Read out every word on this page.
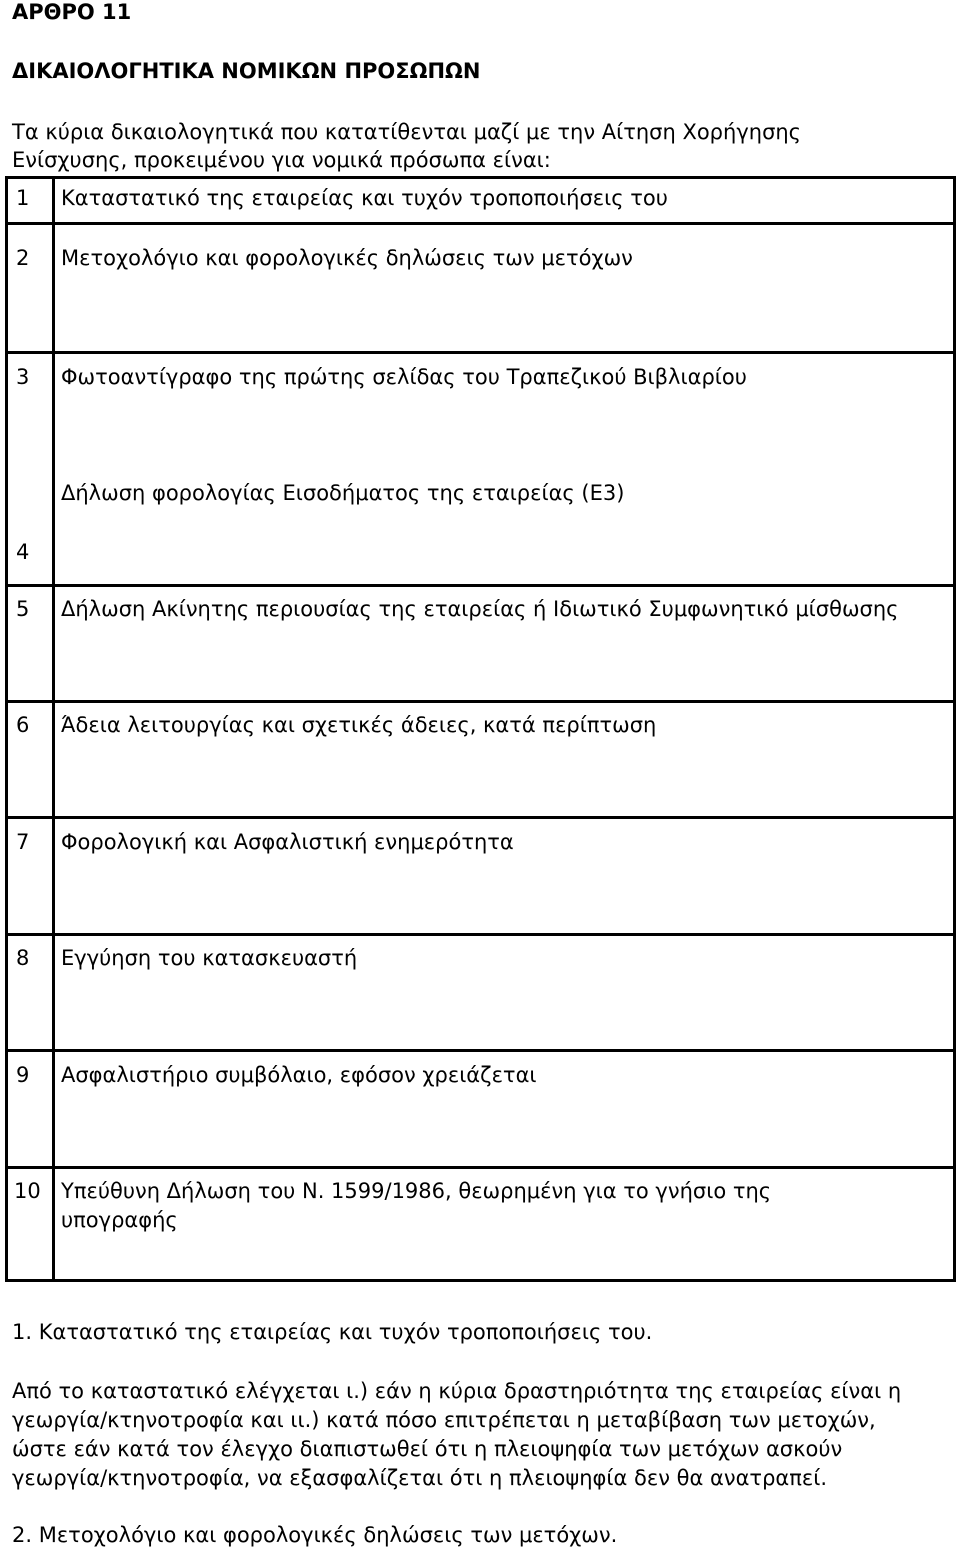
ΑΡΘΡΟ 11
ΔΙΚΑΙΟΛΟΓΗΤΙΚΑ ΝΟΜΙΚΩΝ ΠΡΟΣΩΠΩΝ
Τα κύρια δικαιολογητικά που κατατίθενται μαζί με την Αίτηση Χορήγησης
Ενίσχυσης, προκειμένου για νομικά πρόσωπα είναι:
1 Καταστατικό της εταιρείας και τυχόν τροποποιήσεις του
2 Μετοχολόγιο και φορολογικές δηλώσεις των μετόχων
3 Φωτοαντίγραφο της πρώτης σελίδας του Τραπεζικού Βιβλιαρίου
4
Δήλωση φορολογίας Εισοδήματος της εταιρείας (Ε3)
5 Δήλωση Ακίνητης περιουσίας της εταιρείας ή Ιδιωτικό Συμφωνητικό μίσθωσης
6 Άδεια λειτουργίας και σχετικές άδειες, κατά περίπτωση
7 Φορολογική και Ασφαλιστική ενημερότητα
8 Εγγύηση του κατασκευαστή
9 Ασφαλιστήριο συμβόλαιο, εφόσον χρειάζεται
10 Υπεύθυνη Δήλωση του Ν. 1599/1986, θεωρημένη για το γνήσιο της
υπογραφής
1. Καταστατικό της εταιρείας και τυχόν τροποποιήσεις του.
Από το καταστατικό ελέγχεται ι.) εάν η κύρια δραστηριότητα της εταιρείας είναι η
γεωργία/κτηνοτροφία και ιι.) κατά πόσο επιτρέπεται η μεταβίβαση των μετοχών,
ώστε εάν κατά τον έλεγχο διαπιστωθεί ότι η πλειοψηφία των μετόχων ασκούν
γεωργία/κτηνοτροφία, να εξασφαλίζεται ότι η πλειοψηφία δεν θα ανατραπεί.
2. Μετοχολόγιο και φορολογικές δηλώσεις των μετόχων.
